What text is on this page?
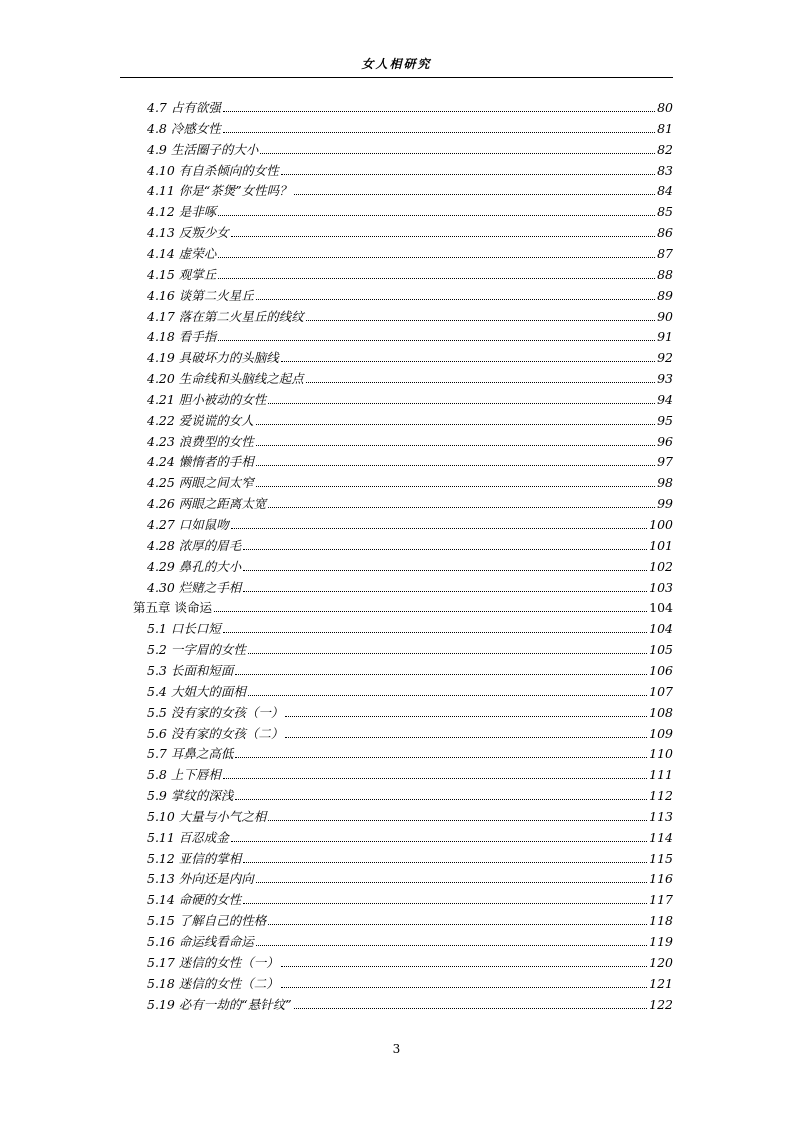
女人相研究
4.7 占有欲强	80
4.8 冷感女性	81
4.9 生活圈子的大小	82
4.10 有自杀倾向的女性	83
4.11 你是“茶煲”女性吗？	84
4.12 是非啄	85
4.13 反叛少女	86
4.14 虚荣心	87
4.15 观掌丘	88
4.16 谈第二火星丘	89
4.17 落在第二火星丘的线纹	90
4.18 看手指	91
4.19 具破坏力的头脑线	92
4.20 生命线和头脑线之起点	93
4.21 胆小被动的女性	94
4.22 爱说谎的女人	95
4.23 浪费型的女性	96
4.24 懒惰者的手相	97
4.25 两眼之间太窄	98
4.26 两眼之距离太宽	99
4.27 口如鼠吻	100
4.28 浓厚的眉毛	101
4.29 鼻孔的大小	102
4.30 烂赌之手相	103
第五章 谈命运	104
5.1 口长口短	104
5.2 一字眉的女性	105
5.3 长面和短面	106
5.4 大姐大的面相	107
5.5 没有家的女孩（一）	108
5.6 没有家的女孩（二）	109
5.7 耳鼻之高低	110
5.8 上下唇相	111
5.9 掌纹的深浅	112
5.10 大量与小气之相	113
5.11 百忍成金	114
5.12 亚信的掌相	115
5.13 外向还是内向	116
5.14 命硬的女性	117
5.15 了解自己的性格	118
5.16 命运线看命运	119
5.17 迷信的女性（一）	120
5.18 迷信的女性（二）	121
5.19 必有一劫的“悬针纹”	122
3
